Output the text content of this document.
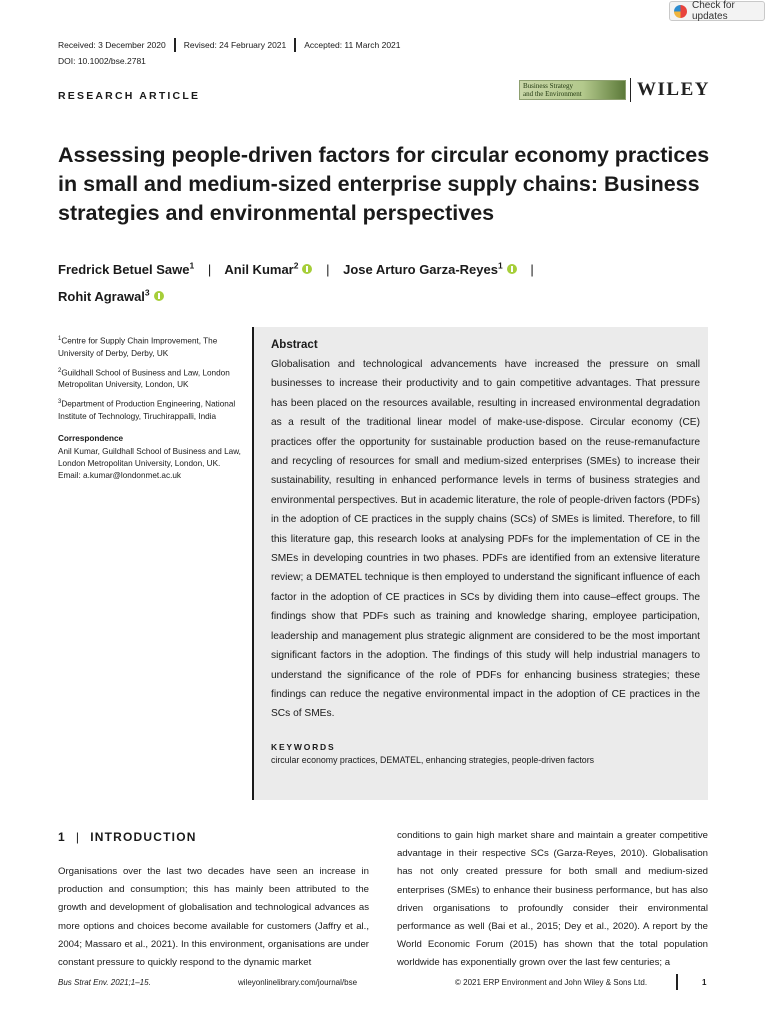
Check for updates
Received: 3 December 2020 Revised: 24 February 2021 Accepted: 11 March 2021
DOI: 10.1002/bse.2781
RESEARCH ARTICLE
Business Strategy
and the Environment	WILEY
Assessing people-driven factors for circular economy practices in small and medium-sized enterprise supply chains: Business strategies and environmental perspectives
Fredrick Betuel Sawe$^1$ | Anil Kumar$^2$ | Jose Arturo Garza-Reyes$^1$ |
Rohit Agrawal$^3$

$^1$Centre for Supply Chain Improvement, The University of Derby, Derby, UK

$^2$Guildhall School of Business and Law, London Metropolitan University, London, UK

$^3$Department of Production Engineering, National Institute of Technology, Tiruchirappalli, India

Correspondence

Anil Kumar, Guildhall School of Business and Law, London Metropolitan University, London, UK.
Email: a.kumar@londonmet.ac.uk

Abstract

Globalisation and technological advancements have increased the pressure on small businesses to increase their productivity and to gain competitive advantages. That pressure has been placed on the resources available, resulting in increased environmental degradation as a result of the traditional linear model of make-use-dispose. Circular economy (CE) practices offer the opportunity for sustainable production based on the reuse-remanufacture and recycling of resources for small and medium-sized enterprises (SMEs) to increase their sustainability, resulting in enhanced performance levels in terms of business strategies and environmental perspectives. But in academic literature, the role of people-driven factors (PDFs) in the adoption of CE practices in the supply chains (SCs) of SMEs is limited. Therefore, to fill this literature gap, this research looks at analysing PDFs for the implementation of CE in the SMEs in developing countries in two phases. PDFs are identified from an extensive literature review; a DEMATEL technique is then employed to understand the significant influence of each factor in the adoption of CE practices in SCs by dividing them into cause–effect groups. The findings show that PDFs such as training and knowledge sharing, employee participation, leadership and management plus strategic alignment are considered to be the most important significant factors in the adoption. The findings of this study will help industrial managers to understand the significance of the role of PDFs for enhancing business strategies; these findings can reduce the negative environmental impact in the adoption of CE practices in the SCs of SMEs.

KEYWORDS

circular economy practices, DEMATEL, enhancing strategies, people-driven factors

1 | INTRODUCTION

Organisations over the last two decades have seen an increase in production and consumption; this has mainly been attributed to the growth and development of globalisation and technological advances as more options and choices become available for customers (Jaffry et al., 2004; Massaro et al., 2021). In this environment, organisations are under constant pressure to quickly respond to the dynamic market

conditions to gain high market share and maintain a greater competitive advantage in their respective SCs (Garza-Reyes, 2010). Globalisation has not only created pressure for both small and medium-sized enterprises (SMEs) to enhance their business performance, but has also driven organisations to profoundly consider their environmental performance as well (Bai et al., 2015; Dey et al., 2020). A report by the World Economic Forum (2015) has shown that the total population worldwide has exponentially grown over the last few centuries; a

Bus Strat Env. 2021;1–15.	wileyonlinelibrary.com/journal/bse	© 2021 ERP Environment and John Wiley & Sons Ltd.	1
